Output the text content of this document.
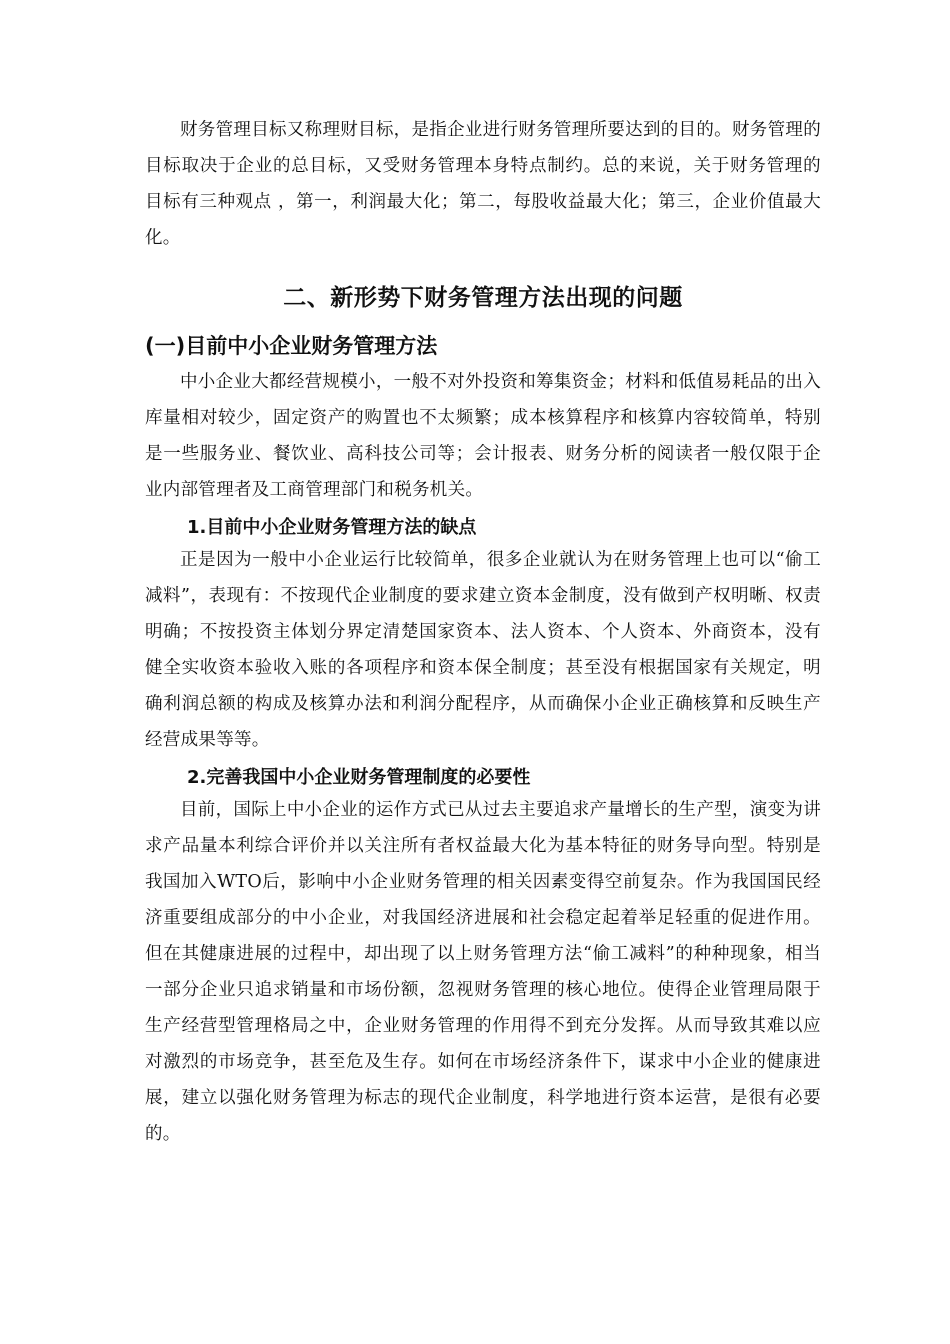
财务管理目标又称理财目标，是指企业进行财务管理所要达到的目的。财务管理的目标取决于企业的总目标，又受财务管理本身特点制约。总的来说，关于财务管理的目标有三种观点 ，第一，利润最大化；第二，每股收益最大化；第三，企业价值最大化。

二、新形势下财务管理方法出现的问题
(一)目前中小企业财务管理方法

中小企业大都经营规模小，一般不对外投资和筹集资金；材料和低值易耗品的出入库量相对较少，固定资产的购置也不太频繁；成本核算程序和核算内容较简单，特别是一些服务业、餐饮业、高科技公司等；会计报表、财务分析的阅读者一般仅限于企业内部管理者及工商管理部门和税务机关。

1.目前中小企业财务管理方法的缺点

正是因为一般中小企业运行比较简单，很多企业就认为在财务管理上也可以“偷工减料”，表现有：不按现代企业制度的要求建立资本金制度，没有做到产权明晰、权责明确；不按投资主体划分界定清楚国家资本、法人资本、个人资本、外商资本，没有健全实收资本验收入账的各项程序和资本保全制度；甚至没有根据国家有关规定，明确利润总额的构成及核算办法和利润分配程序，从而确保小企业正确核算和反映生产经营成果等等。

2.完善我国中小企业财务管理制度的必要性

目前，国际上中小企业的运作方式已从过去主要追求产量增长的生产型，演变为讲求产品量本利综合评价并以关注所有者权益最大化为基本特征的财务导向型。特别是我国加入WTO后，影响中小企业财务管理的相关因素变得空前复杂。作为我国国民经济重要组成部分的中小企业，对我国经济进展和社会稳定起着举足轻重的促进作用。但在其健康进展的过程中，却出现了以上财务管理方法“偷工减料”的种种现象，相当一部分企业只追求销量和市场份额，忽视财务管理的核心地位。使得企业管理局限于生产经营型管理格局之中，企业财务管理的作用得不到充分发挥。从而导致其难以应对激烈的市场竞争，甚至危及生存。如何在市场经济条件下，谋求中小企业的健康进展，建立以强化财务管理为标志的现代企业制度，科学地进行资本运营，是很有必要的。
